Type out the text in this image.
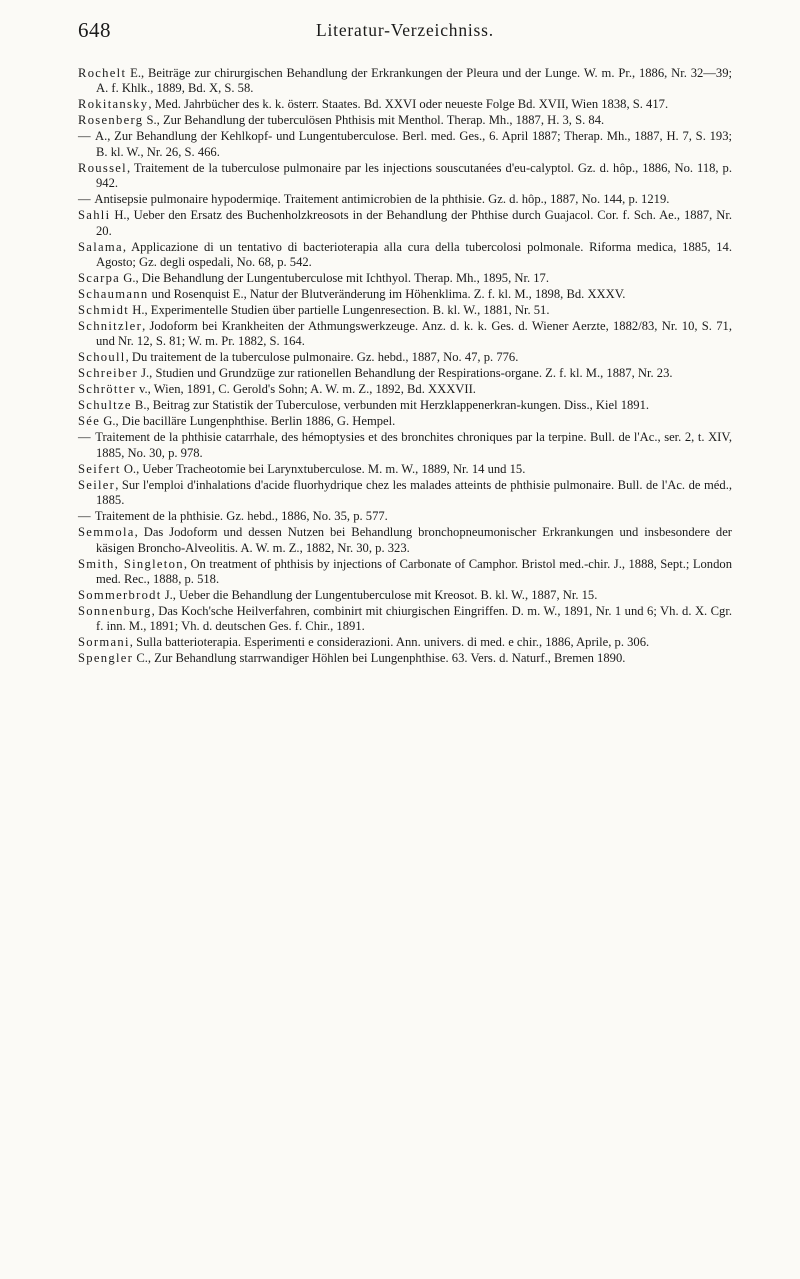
648	Literatur-Verzeichniss.

Rochelt E., Beiträge zur chirurgischen Behandlung der Erkrankungen der Pleura und der Lunge. W. m. Pr., 1886, Nr. 32—39; A. f. Khlk., 1889, Bd. X, S. 58.

Rokitansky, Med. Jahrbücher des k. k. österr. Staates. Bd. XXVI oder neueste Folge Bd. XVII, Wien 1838, S. 417.

Rosenberg S., Zur Behandlung der tuberculösen Phthisis mit Menthol. Therap. Mh., 1887, H. 3, S. 84.

— A., Zur Behandlung der Kehlkopf- und Lungentuberculose. Berl. med. Ges., 6. April 1887; Therap. Mh., 1887, H. 7, S. 193; B. kl. W., Nr. 26, S. 466.

Roussel, Traitement de la tuberculose pulmonaire par les injections souscutanées d'eu-calyptol. Gz. d. hôp., 1886, No. 118, p. 942.

— Antisepsie pulmonaire hypodermiqe. Traitement antimicrobien de la phthisie. Gz. d. hôp., 1887, No. 144, p. 1219.

Sahli H., Ueber den Ersatz des Buchenholzkreosots in der Behandlung der Phthise durch Guajacol. Cor. f. Sch. Ae., 1887, Nr. 20.

Salama, Applicazione di un tentativo di bacterioterapia alla cura della tubercolosi polmonale. Riforma medica, 1885, 14. Agosto; Gz. degli ospedali, No. 68, p. 542.

Scarpa G., Die Behandlung der Lungentuberculose mit Ichthyol. Therap. Mh., 1895, Nr. 17.

Schaumann und Rosenquist E., Natur der Blutveränderung im Höhenklima. Z. f. kl. M., 1898, Bd. XXXV.

Schmidt H., Experimentelle Studien über partielle Lungenresection. B. kl. W., 1881, Nr. 51.

Schnitzler, Jodoform bei Krankheiten der Athmungswerkzeuge. Anz. d. k. k. Ges. d. Wiener Aerzte, 1882/83, Nr. 10, S. 71, und Nr. 12, S. 81; W. m. Pr. 1882, S. 164.

Schoull, Du traitement de la tuberculose pulmonaire. Gz. hebd., 1887, No. 47, p. 776.

Schreiber J., Studien und Grundzüge zur rationellen Behandlung der Respirations-organe. Z. f. kl. M., 1887, Nr. 23.

Schrötter v., Wien, 1891, C. Gerold's Sohn; A. W. m. Z., 1892, Bd. XXXVII.

Schultze B., Beitrag zur Statistik der Tuberculose, verbunden mit Herzklappenerkran-kungen. Diss., Kiel 1891.

Sée G., Die bacilläre Lungenphthise. Berlin 1886, G. Hempel.

— Traitement de la phthisie catarrhale, des hémoptysies et des bronchites chroniques par la terpine. Bull. de l'Ac., ser. 2, t. XIV, 1885, No. 30, p. 978.

Seifert O., Ueber Tracheotomie bei Larynxtuberculose. M. m. W., 1889, Nr. 14 und 15.

Seiler, Sur l'emploi d'inhalations d'acide fluorhydrique chez les malades atteints de phthisie pulmonaire. Bull. de l'Ac. de méd., 1885.

— Traitement de la phthisie. Gz. hebd., 1886, No. 35, p. 577.

Semmola, Das Jodoform und dessen Nutzen bei Behandlung bronchopneumonischer Erkrankungen und insbesondere der käsigen Broncho-Alveolitis. A. W. m. Z., 1882, Nr. 30, p. 323.

Smith, Singleton, On treatment of phthisis by injections of Carbonate of Camphor. Bristol med.-chir. J., 1888, Sept.; London med. Rec., 1888, p. 518.

Sommerbrodt J., Ueber die Behandlung der Lungentuberculose mit Kreosot. B. kl. W., 1887, Nr. 15.

Sonnenburg, Das Koch'sche Heilverfahren, combinirt mit chiurgischen Eingriffen. D. m. W., 1891, Nr. 1 und 6; Vh. d. X. Cgr. f. inn. M., 1891; Vh. d. deutschen Ges. f. Chir., 1891.

Sormani, Sulla batterioterapia. Esperimenti e considerazioni. Ann. univers. di med. e chir., 1886, Aprile, p. 306.

Spengler C., Zur Behandlung starrwandiger Höhlen bei Lungenphthise. 63. Vers. d. Naturf., Bremen 1890.
